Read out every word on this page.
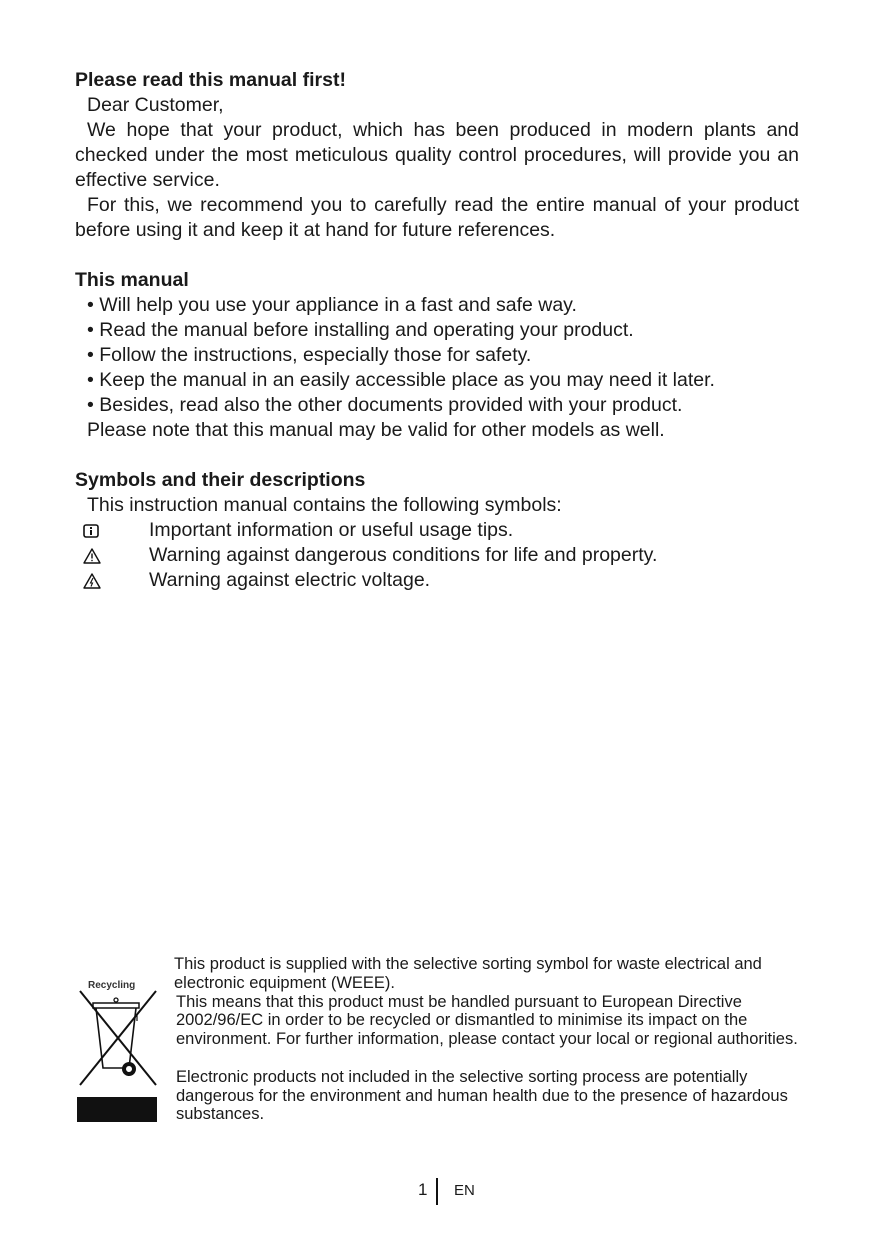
Please read this manual first!

Dear Customer,

We hope that your product, which has been produced in modern plants and checked under the most meticulous quality control procedures, will provide you an effective service.

For this, we recommend you to carefully read the entire manual of your product before using it and keep it at hand for future references.

This manual

• Will help you use your appliance in a fast and safe way.

• Read the manual before installing and operating your product.

• Follow the instructions, especially those for safety.

• Keep the manual in an easily accessible place as you may need it later.

• Besides, read also the other documents provided with your product.

Please note that this manual may be valid for other models as well.

Symbols and their descriptions

This instruction manual contains the following symbols:

Important information or useful usage tips.
Warning against dangerous conditions for life and property.
Warning against electric voltage.
Recycling

This product is supplied with the selective sorting symbol for waste electrical and electronic equipment (WEEE).

This means that this product must be handled pursuant to European Directive 2002/96/EC in order to be recycled or dismantled to minimise its impact on the environment. For further information, please contact your local or regional authorities.

Electronic products not included in the selective sorting process are potentially dangerous for the environment and human health due to the presence of hazardous substances.

1 EN
